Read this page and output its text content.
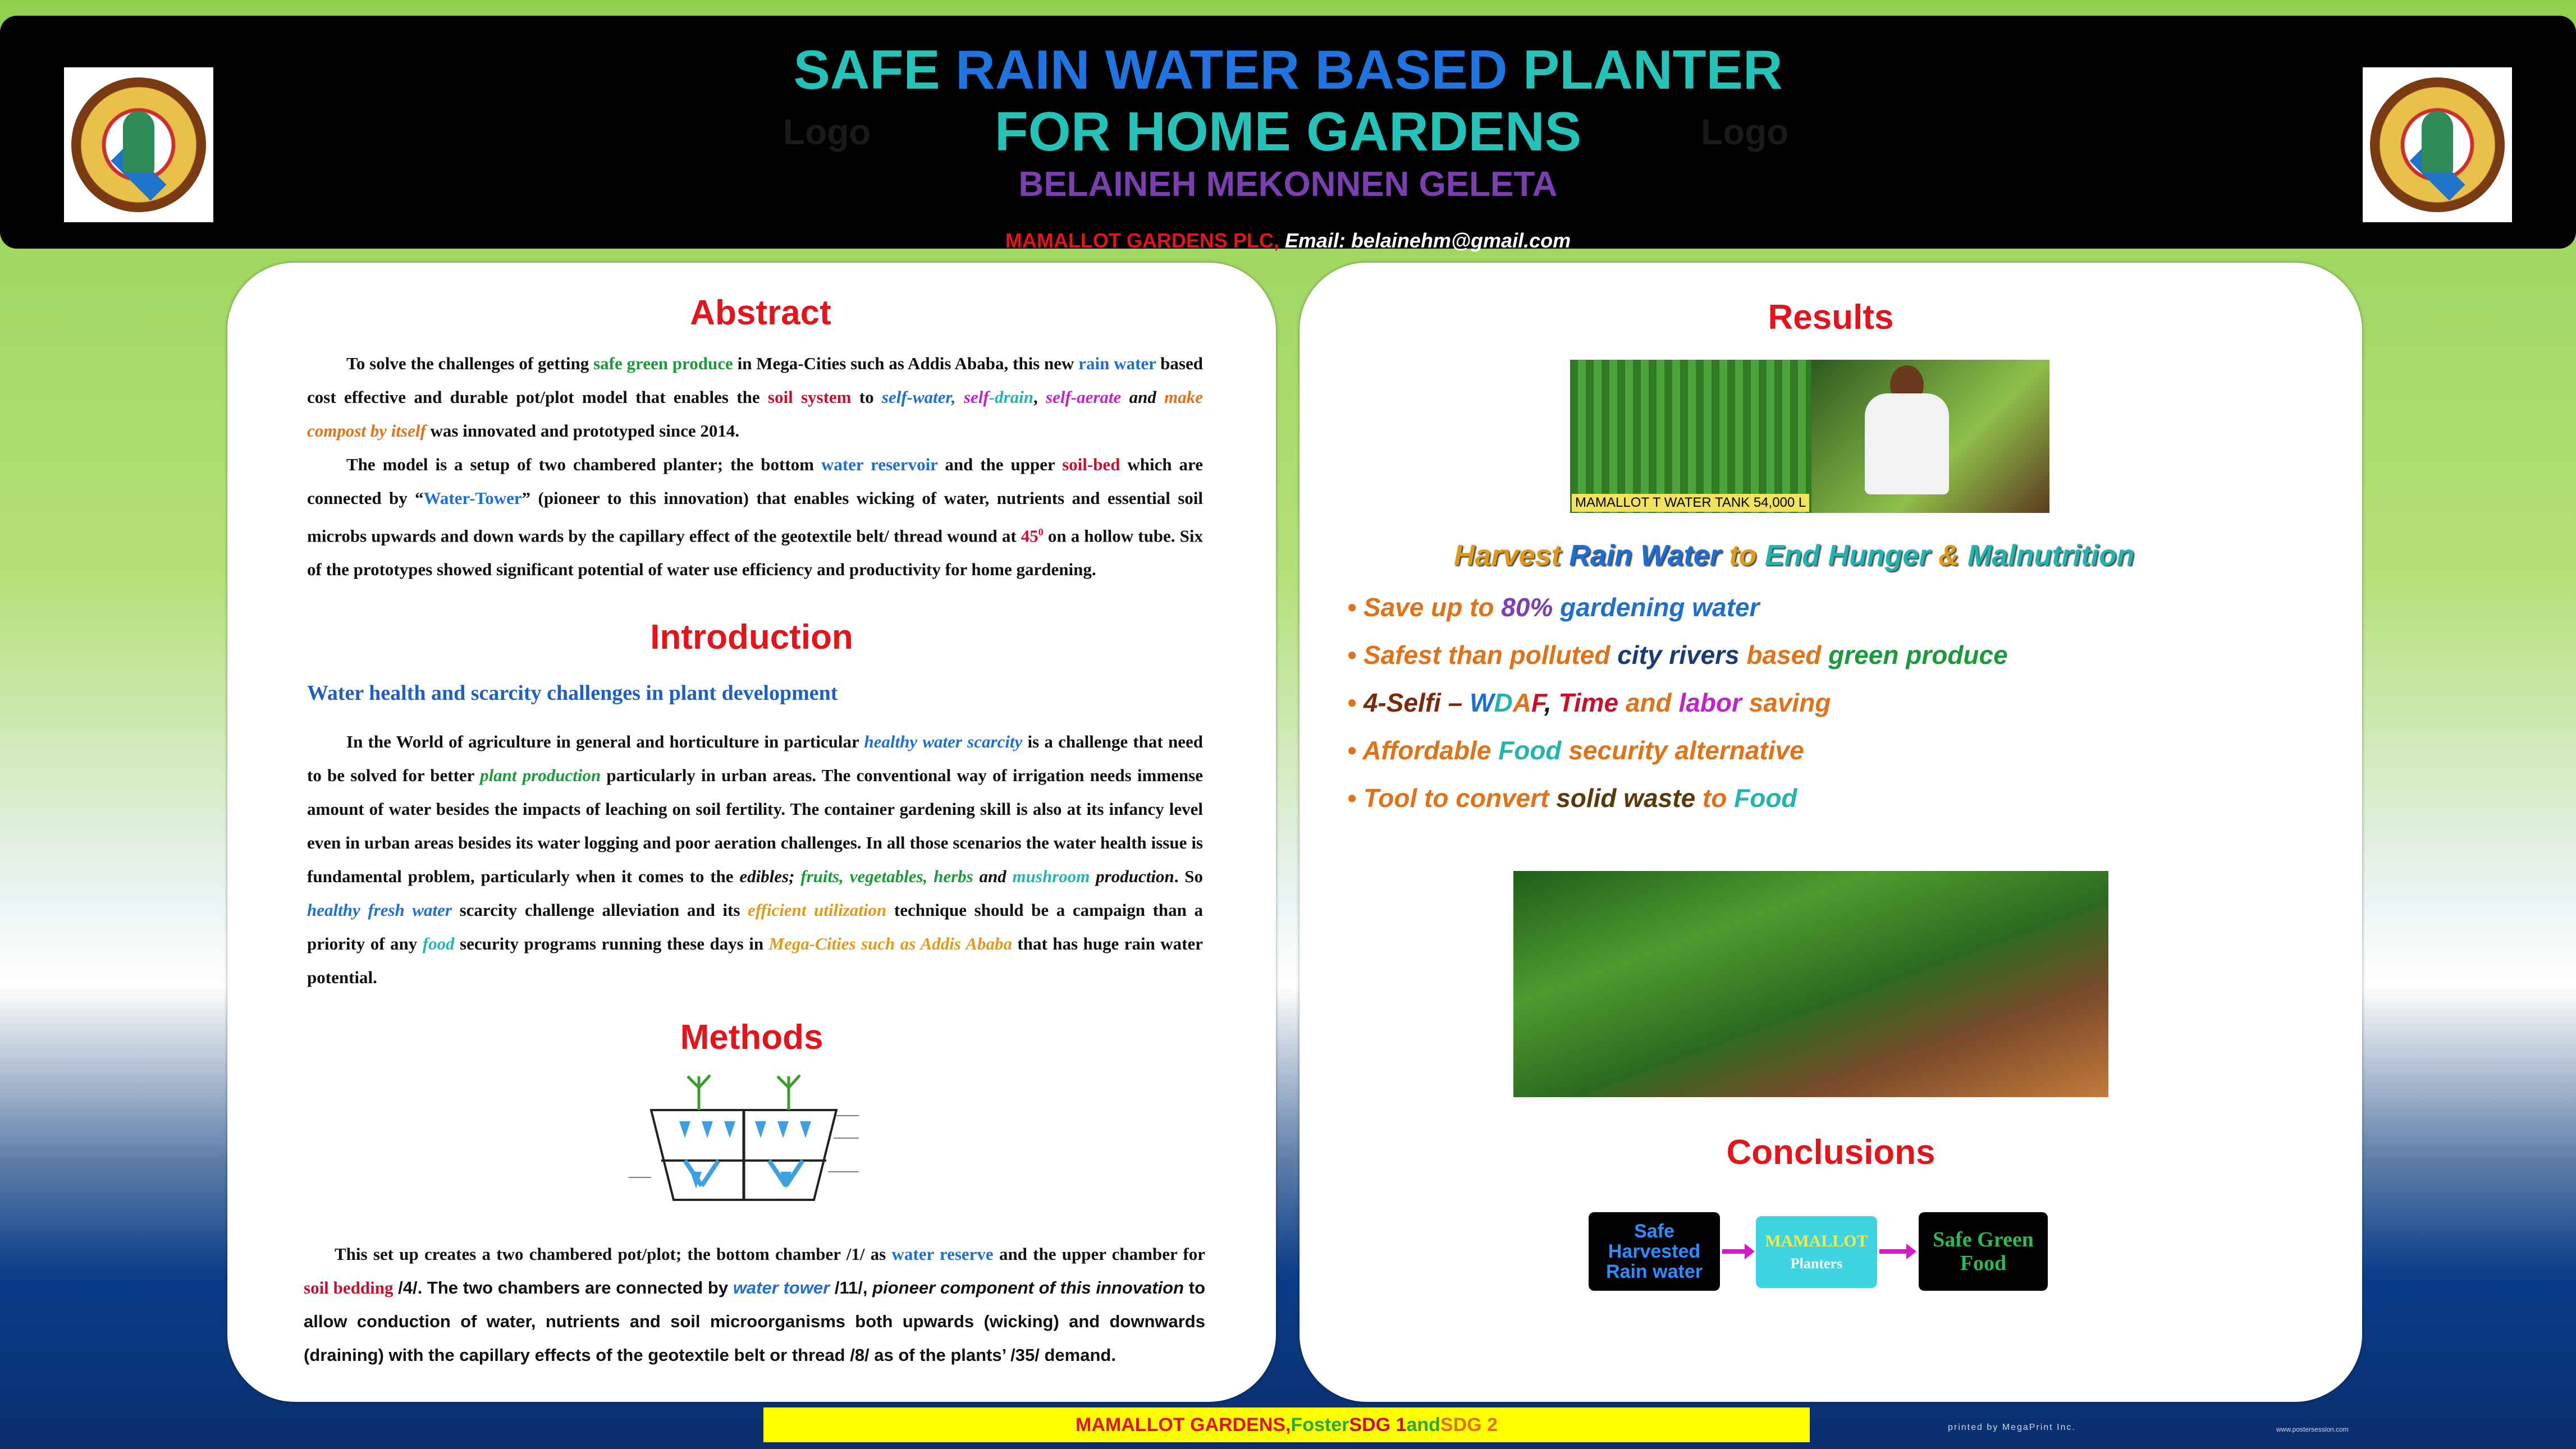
Logo	Logo
SAFE RAIN WATER BASED PLANTER
FOR HOME GARDENS
BELAINEH MEKONNEN GELETA
MAMALLOT GARDENS PLC, Email: belainehm@gmail.com
Abstract
To solve the challenges of getting safe green produce in Mega-Cities such as Addis Ababa, this new rain water based cost effective and durable pot/plot model that enables the soil system to self-water, self-drain, self-aerate and make compost by itself was innovated and prototyped since 2014.
The model is a setup of two chambered planter; the bottom water reservoir and the upper soil-bed which are connected by “Water-Tower” (pioneer to this innovation) that enables wicking of water, nutrients and essential soil microbs upwards and down wards by the capillary effect of the geotextile belt/ thread wound at $45^0$ on a hollow tube. Six of the prototypes showed significant potential of water use efficiency and productivity for home gardening.
Introduction
Water health and scarcity challenges in plant development
In the World of agriculture in general and horticulture in particular healthy water scarcity is a challenge that need to be solved for better plant production particularly in urban areas. The conventional way of irrigation needs immense amount of water besides the impacts of leaching on soil fertility. The container gardening skill is also at its infancy level even in urban areas besides its water logging and poor aeration challenges. In all those scenarios the water health issue is fundamental problem, particularly when it comes to the edibles; fruits, vegetables, herbs and mushroom production. So healthy fresh water scarcity challenge alleviation and its efficient utilization technique should be a campaign than a priority of any food security programs running these days in Mega-Cities such as Addis Ababa that has huge rain water potential.
Methods
This set up creates a two chambered pot/plot; the bottom chamber /1/ as water reserve and the upper chamber for soil bedding /4/. The two chambers are connected by water tower /11/, pioneer component of this innovation to allow conduction of water, nutrients and soil microorganisms both upwards (wicking) and downwards (draining) with the capillary effects of the geotextile belt or thread /8/ as of the plants’ /35/ demand.
Results
MAMALLOT T WATER TANK 54,000 L
Harvest Rain Water to End Hunger & Malnutrition
• Save up to 80% gardening water
• Safest than polluted city rivers based green produce
• 4-Selfi – WDAF, Time and labor saving
• Affordable Food security alternative
• Tool to convert solid waste to Food
Conclusions
Safe Harvested Rain water
MAMALLOT
Planters
Safe Green Food
MAMALLOT GARDENS, Foster SDG 1 and SDG 2	printed by MegaPrint Inc.	www.postersession.com
